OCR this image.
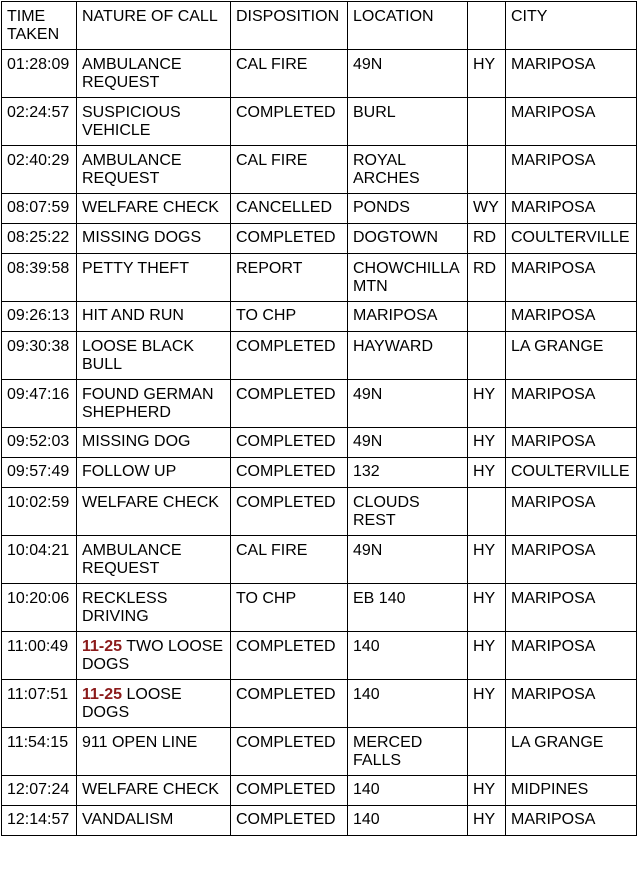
TIME TAKEN	NATURE OF CALL	DISPOSITION	LOCATION		CITY
01:28:09	AMBULANCE REQUEST	CAL FIRE	49N	HY	MARIPOSA
02:24:57	SUSPICIOUS VEHICLE	COMPLETED	BURL		MARIPOSA
02:40:29	AMBULANCE REQUEST	CAL FIRE	ROYAL ARCHES		MARIPOSA
08:07:59	WELFARE CHECK	CANCELLED	PONDS	WY	MARIPOSA
08:25:22	MISSING DOGS	COMPLETED	DOGTOWN	RD	COULTERVILLE
08:39:58	PETTY THEFT	REPORT	CHOWCHILLA MTN	RD	MARIPOSA
09:26:13	HIT AND RUN	TO CHP	MARIPOSA		MARIPOSA
09:30:38	LOOSE BLACK BULL	COMPLETED	HAYWARD		LA GRANGE
09:47:16	FOUND GERMAN SHEPHERD	COMPLETED	49N	HY	MARIPOSA
09:52:03	MISSING DOG	COMPLETED	49N	HY	MARIPOSA
09:57:49	FOLLOW UP	COMPLETED	132	HY	COULTERVILLE
10:02:59	WELFARE CHECK	COMPLETED	CLOUDS REST		MARIPOSA
10:04:21	AMBULANCE REQUEST	CAL FIRE	49N	HY	MARIPOSA
10:20:06	RECKLESS DRIVING	TO CHP	EB 140	HY	MARIPOSA
11:00:49	11-25 TWO LOOSE DOGS	COMPLETED	140	HY	MARIPOSA
11:07:51	11-25 LOOSE DOGS	COMPLETED	140	HY	MARIPOSA
11:54:15	911 OPEN LINE	COMPLETED	MERCED FALLS		LA GRANGE
12:07:24	WELFARE CHECK	COMPLETED	140	HY	MIDPINES
12:14:57	VANDALISM	COMPLETED	140	HY	MARIPOSA
